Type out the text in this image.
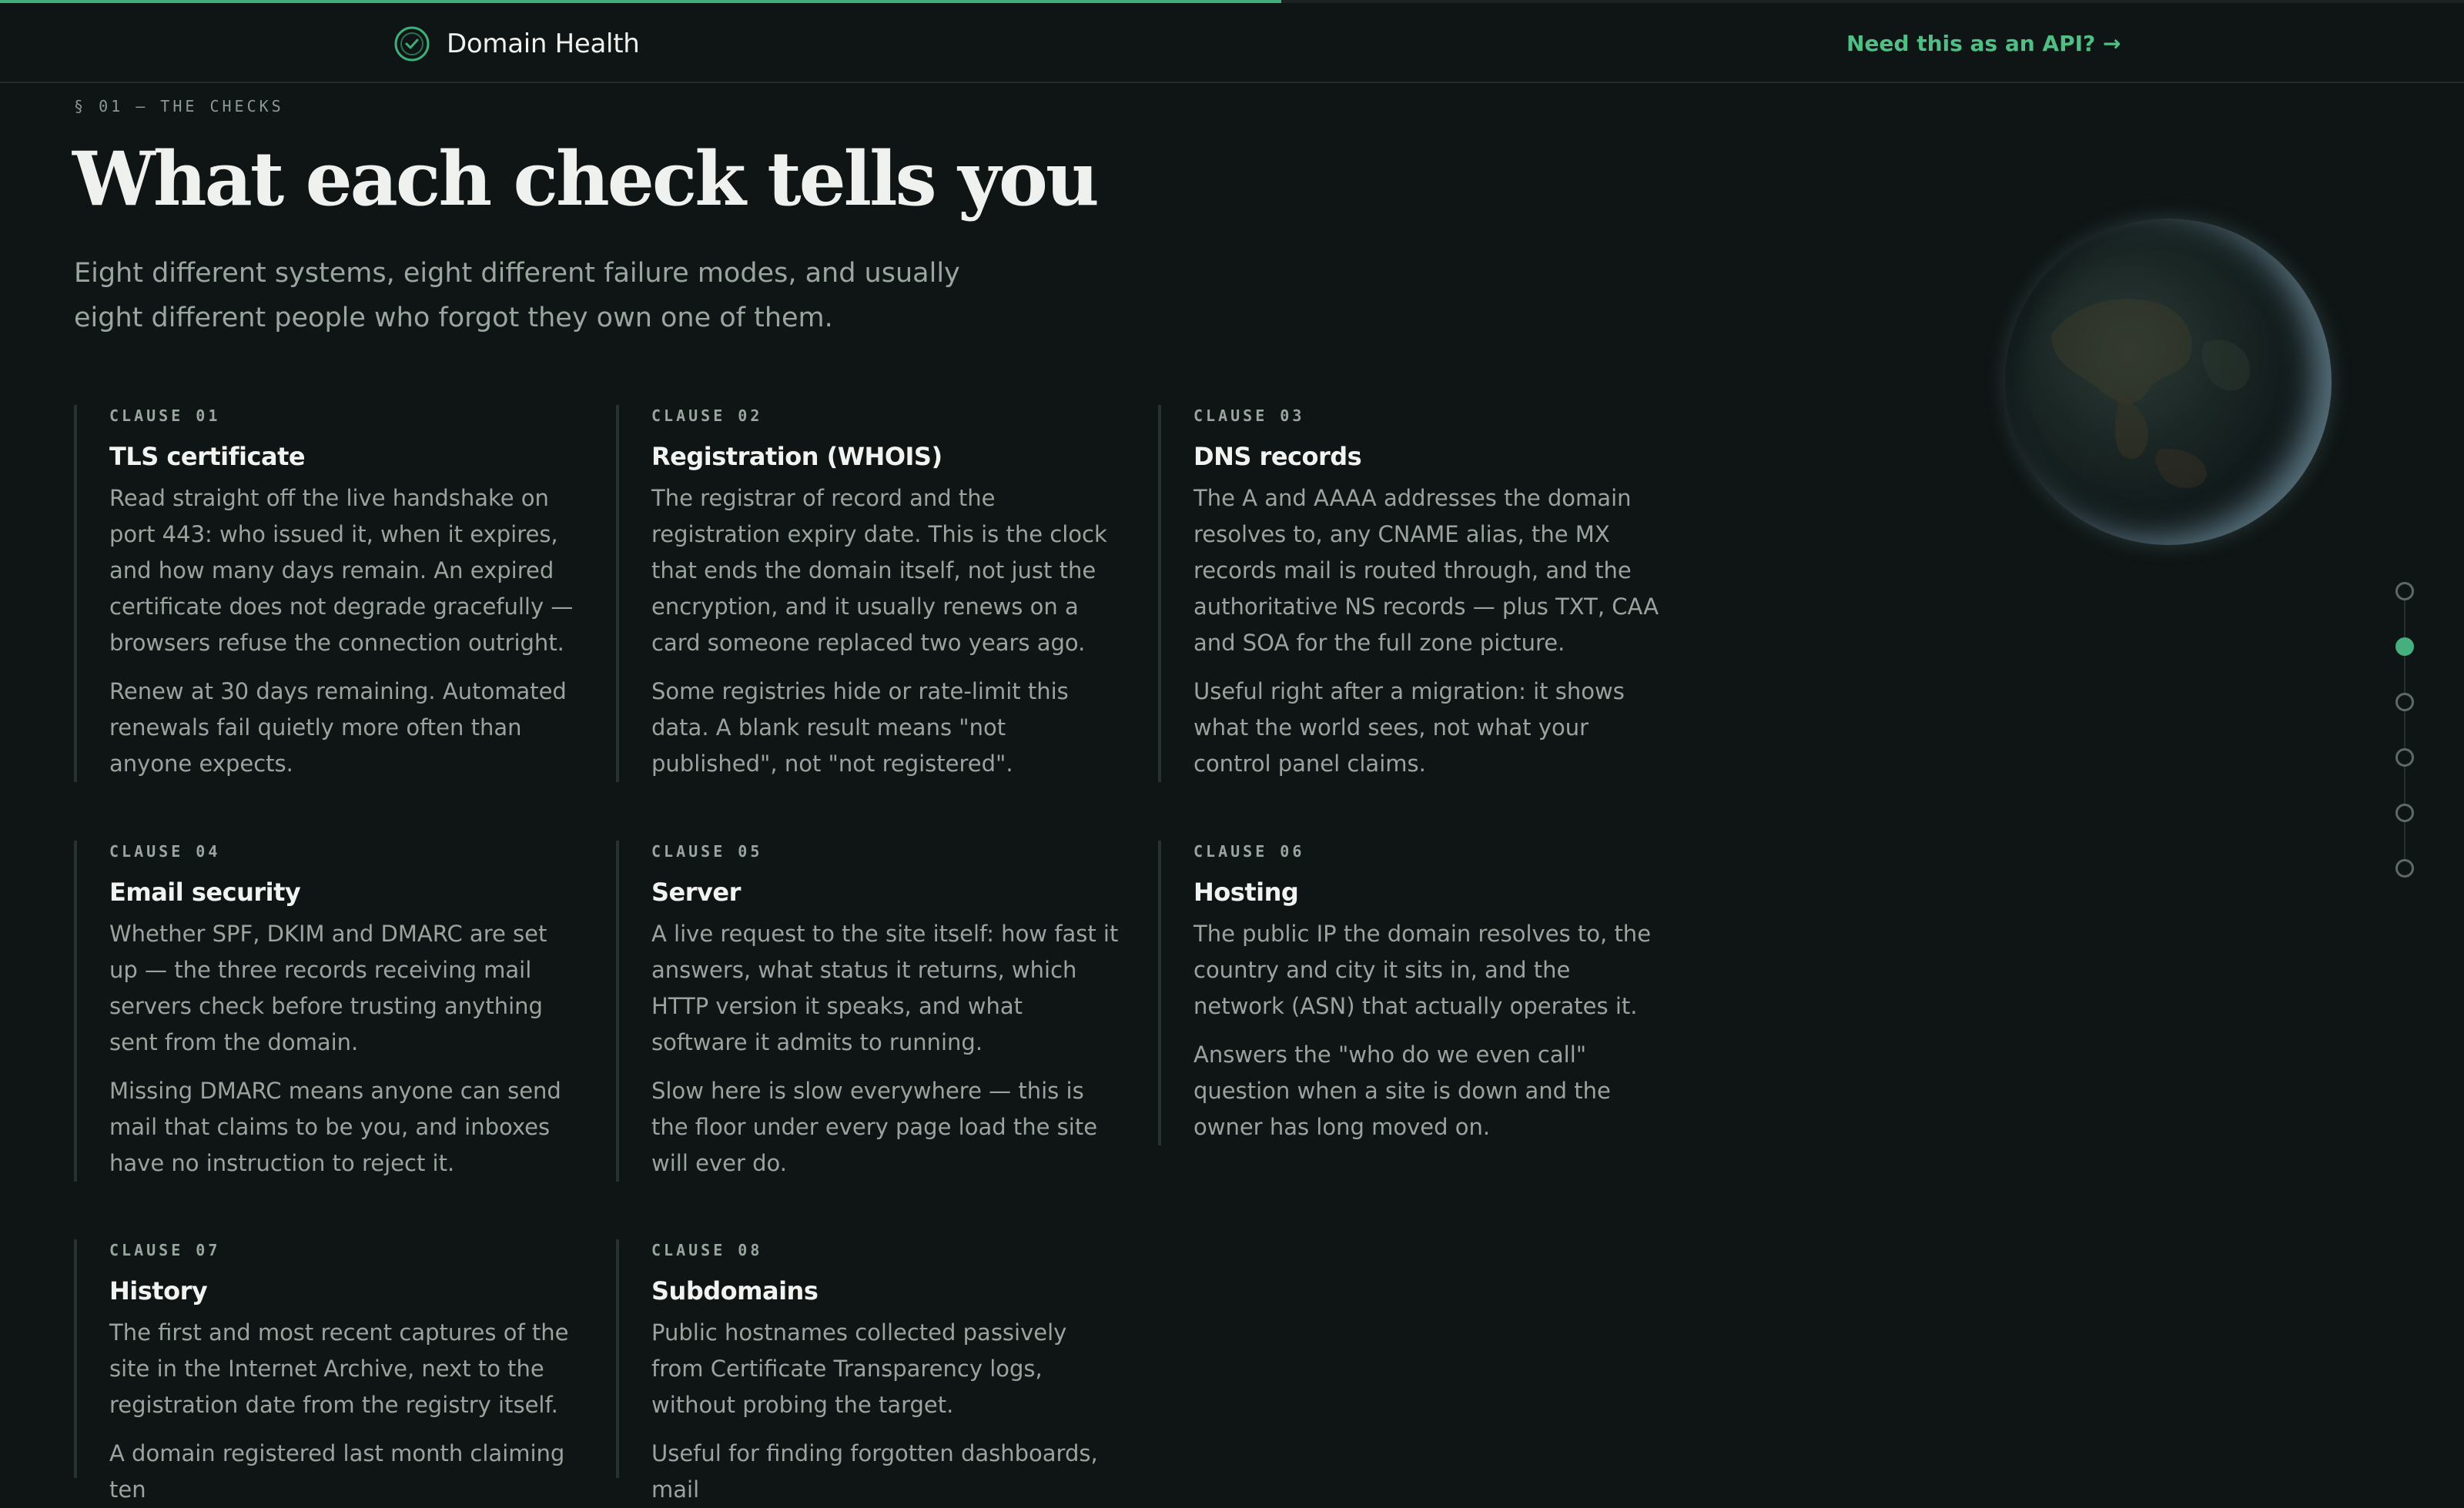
Domain Health	Need this as an API? →
§ 01 — THE CHECKS
What each check tells you

Eight different systems, eight different failure modes, and usually eight different people who forgot they own one of them.

CLAUSE 01
TLS certificate

Read straight off the live handshake on port 443: who issued it, when it expires, and how many days remain. An expired certificate does not degrade gracefully — browsers refuse the connection outright.

Renew at 30 days remaining. Automated renewals fail quietly more often than anyone expects.

CLAUSE 02
Registration (WHOIS)

The registrar of record and the registration expiry date. This is the clock that ends the domain itself, not just the encryption, and it usually renews on a card someone replaced two years ago.

Some registries hide or rate-limit this data. A blank result means "not published", not "not registered".

CLAUSE 03
DNS records

The A and AAAA addresses the domain resolves to, any CNAME alias, the MX records mail is routed through, and the authoritative NS records — plus TXT, CAA and SOA for the full zone picture.

Useful right after a migration: it shows what the world sees, not what your control panel claims.

CLAUSE 04
Email security

Whether SPF, DKIM and DMARC are set up — the three records receiving mail servers check before trusting anything sent from the domain.

Missing DMARC means anyone can send mail that claims to be you, and inboxes have no instruction to reject it.

CLAUSE 05
Server

A live request to the site itself: how fast it answers, what status it returns, which HTTP version it speaks, and what software it admits to running.

Slow here is slow everywhere — this is the floor under every page load the site will ever do.

CLAUSE 06
Hosting

The public IP the domain resolves to, the country and city it sits in, and the network (ASN) that actually operates it.

Answers the "who do we even call" question when a site is down and the owner has long moved on.

CLAUSE 07
History

The first and most recent captures of the site in the Internet Archive, next to the registration date from the registry itself.

A domain registered last month claiming ten

CLAUSE 08
Subdomains

Public hostnames collected passively from Certificate Transparency logs, without probing the target.

Useful for finding forgotten dashboards, mail
